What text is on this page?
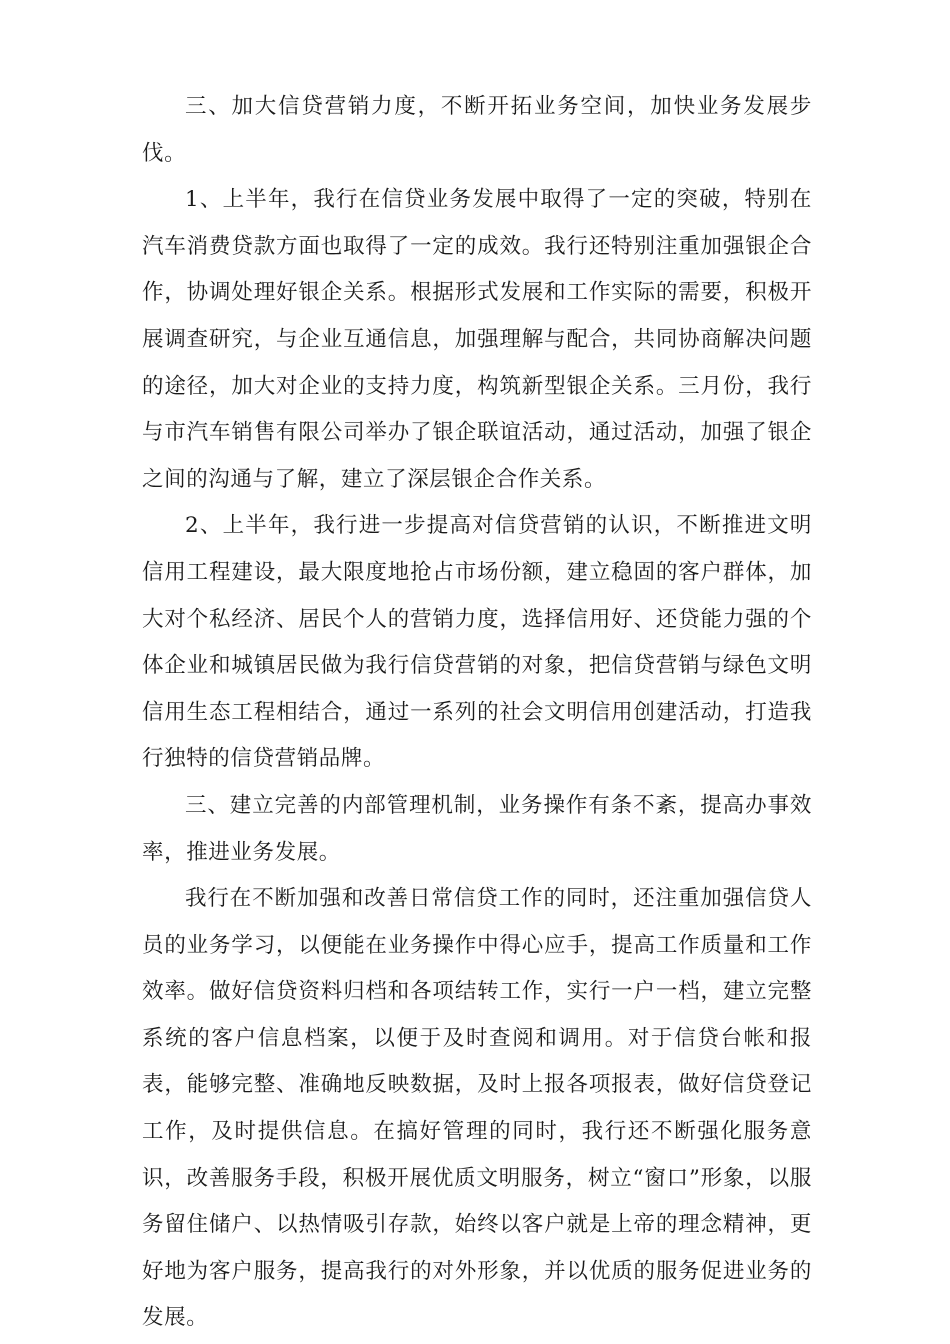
三、加大信贷营销力度，不断开拓业务空间，加快业务发展步伐。

1、上半年，我行在信贷业务发展中取得了一定的突破，特别在汽车消费贷款方面也取得了一定的成效。我行还特别注重加强银企合作，协调处理好银企关系。根据形式发展和工作实际的需要，积极开展调查研究，与企业互通信息，加强理解与配合，共同协商解决问题的途径，加大对企业的支持力度，构筑新型银企关系。三月份，我行与市汽车销售有限公司举办了银企联谊活动，通过活动，加强了银企之间的沟通与了解，建立了深层银企合作关系。

2、上半年，我行进一步提高对信贷营销的认识，不断推进文明信用工程建设，最大限度地抢占市场份额，建立稳固的客户群体，加大对个私经济、居民个人的营销力度，选择信用好、还贷能力强的个体企业和城镇居民做为我行信贷营销的对象，把信贷营销与绿色文明信用生态工程相结合，通过一系列的社会文明信用创建活动，打造我行独特的信贷营销品牌。

三、建立完善的内部管理机制，业务操作有条不紊，提高办事效率，推进业务发展。

我行在不断加强和改善日常信贷工作的同时，还注重加强信贷人员的业务学习，以便能在业务操作中得心应手，提高工作质量和工作效率。做好信贷资料归档和各项结转工作，实行一户一档，建立完整系统的客户信息档案，以便于及时查阅和调用。对于信贷台帐和报表，能够完整、准确地反映数据，及时上报各项报表，做好信贷登记工作，及时提供信息。在搞好管理的同时，我行还不断强化服务意识，改善服务手段，积极开展优质文明服务，树立“窗口”形象，以服务留住储户、以热情吸引存款，始终以客户就是上帝的理念精神，更好地为客户服务，提高我行的对外形象，并以优质的服务促进业务的发展。
